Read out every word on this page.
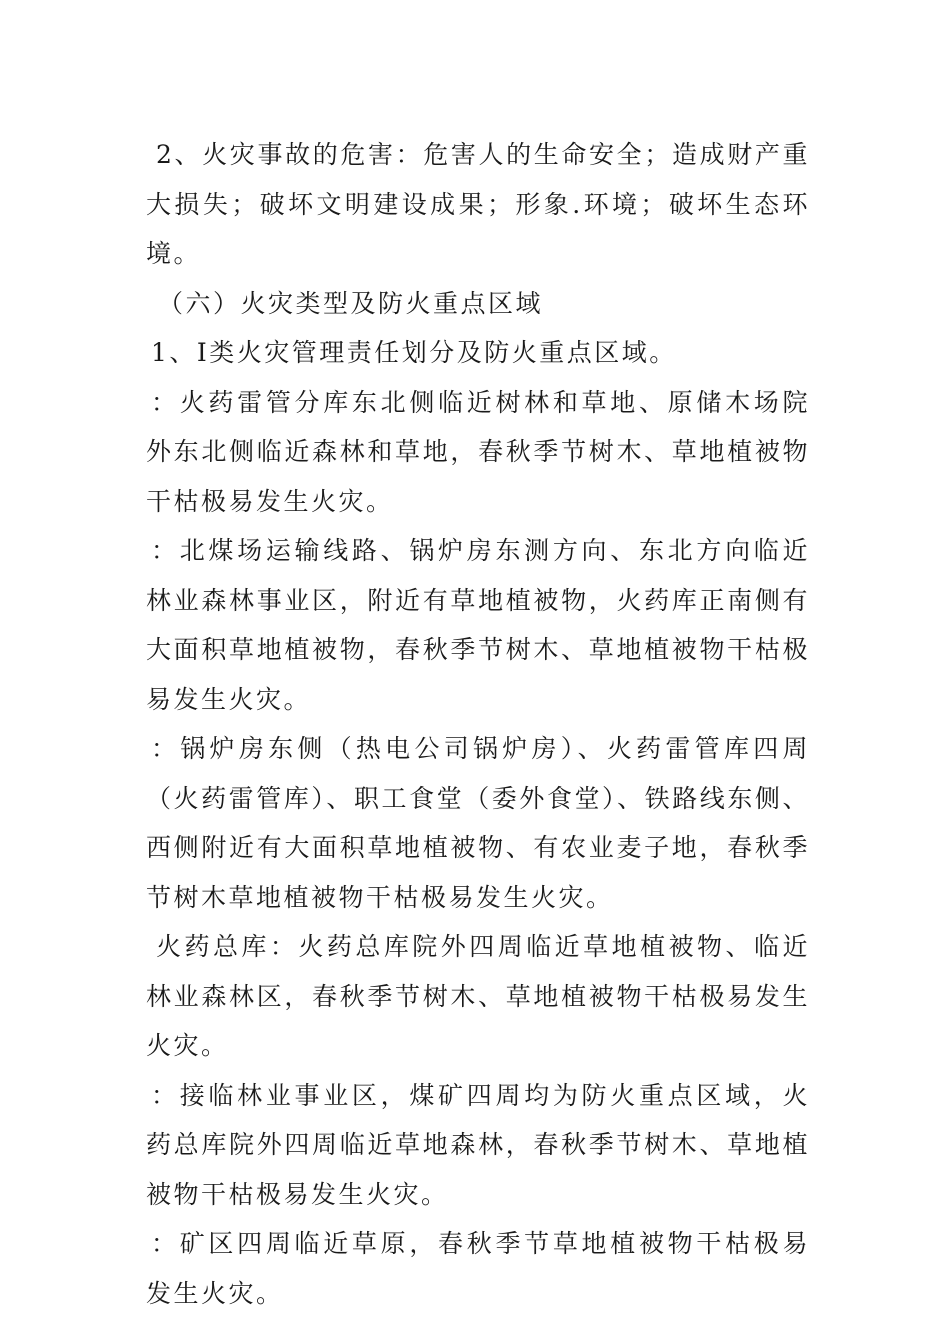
2、火灾事故的危害：危害人的生命安全；造成财产重大损失；破坏文明建设成果；形象.环境；破坏生态环境。

（六）火灾类型及防火重点区域

1、Ⅰ类火灾管理责任划分及防火重点区域。

：火药雷管分库东北侧临近树林和草地、原储木场院外东北侧临近森林和草地，春秋季节树木、草地植被物干枯极易发生火灾。

：北煤场运输线路、锅炉房东测方向、东北方向临近林业森林事业区，附近有草地植被物，火药库正南侧有大面积草地植被物，春秋季节树木、草地植被物干枯极易发生火灾。

：锅炉房东侧（热电公司锅炉房）、火药雷管库四周（火药雷管库）、职工食堂（委外食堂）、铁路线东侧、西侧附近有大面积草地植被物、有农业麦子地，春秋季节树木草地植被物干枯极易发生火灾。

火药总库：火药总库院外四周临近草地植被物、临近林业森林区，春秋季节树木、草地植被物干枯极易发生火灾。

：接临林业事业区，煤矿四周均为防火重点区域，火药总库院外四周临近草地森林，春秋季节树木、草地植被物干枯极易发生火灾。

：矿区四周临近草原，春秋季节草地植被物干枯极易发生火灾。
